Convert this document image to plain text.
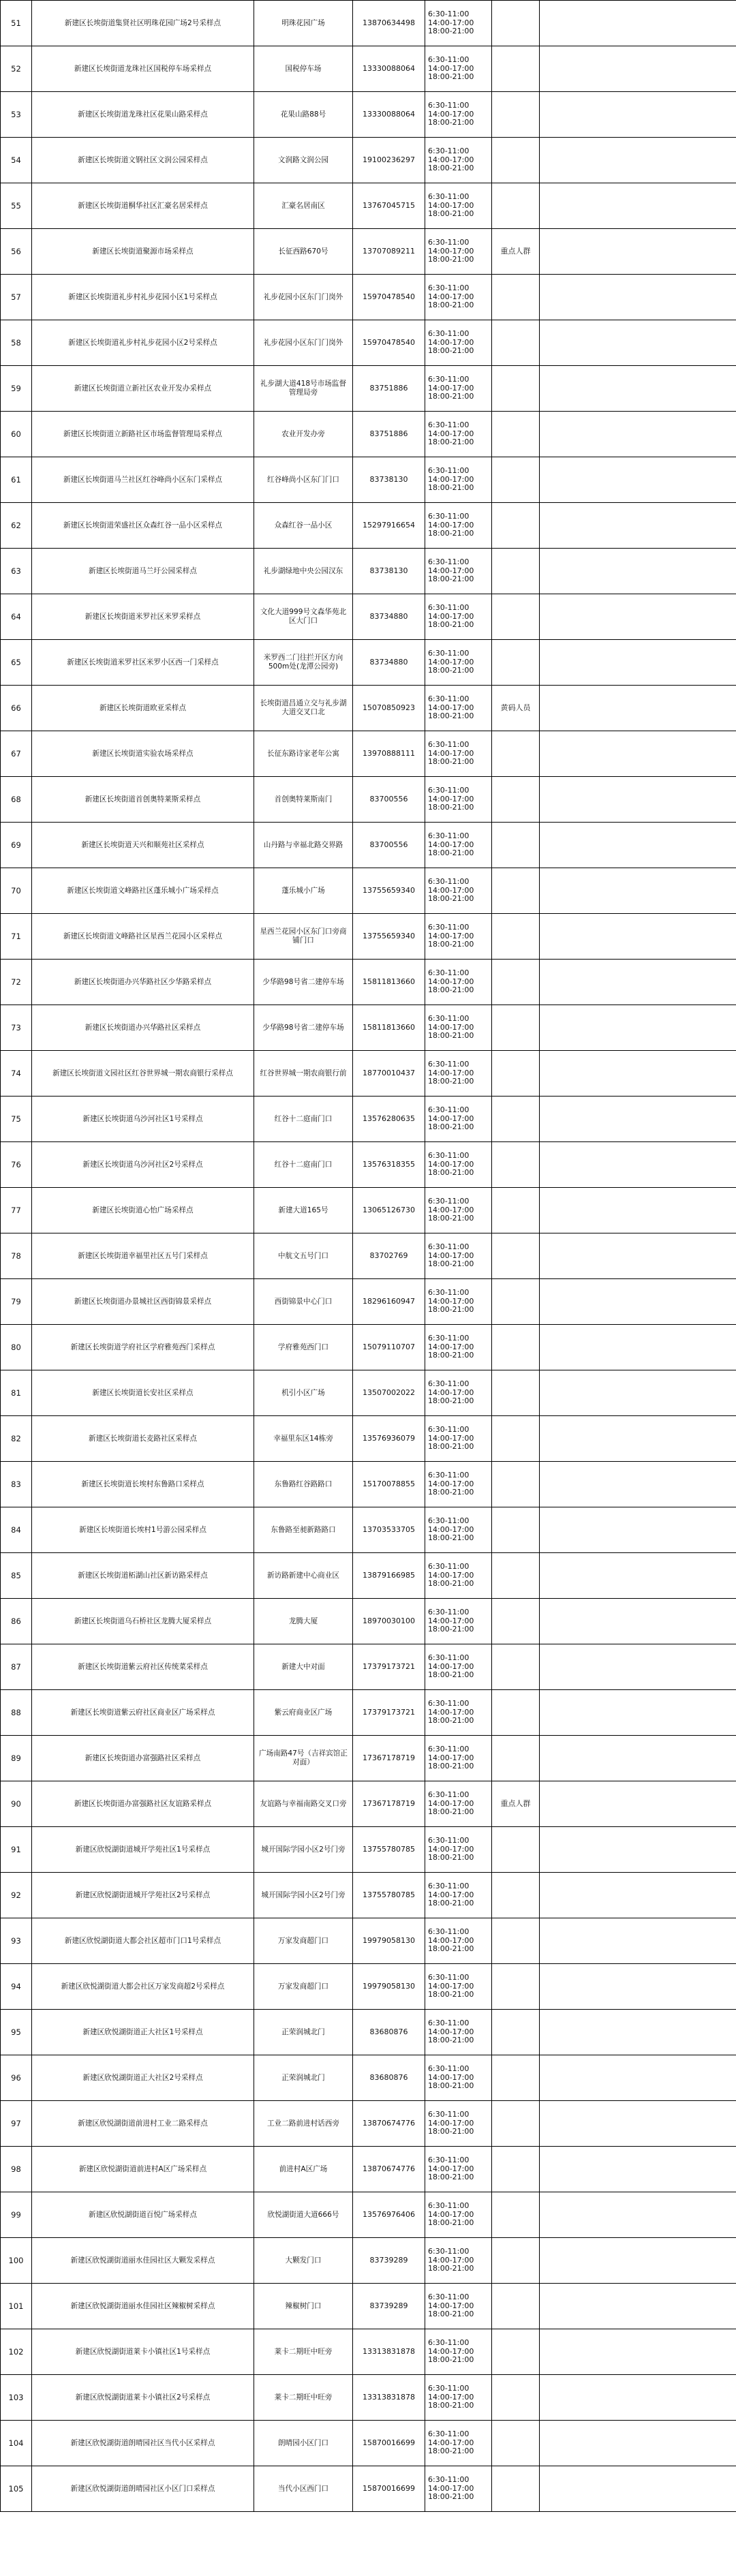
51	新建区长埃街道集贤社区明珠花园广场2号采样点	明珠花园广场	13870634498	6:30-11:00
14:00-17:00
18:00-21:00		

52	新建区长埃街道龙珠社区国税停车场采样点	国税停车场	13330088064	6:30-11:00
14:00-17:00
18:00-21:00		

53	新建区长埃街道龙珠社区花果山路采样点	花果山路88号	13330088064	6:30-11:00
14:00-17:00
18:00-21:00		

54	新建区长埃街道文钢社区文润公园采样点	文润路文润公园	19100236297	6:30-11:00
14:00-17:00
18:00-21:00		

55	新建区长埃街道桐华社区汇豪名居采样点	汇豪名居南区	13767045715	6:30-11:00
14:00-17:00
18:00-21:00		

56	新建区长埃街道聚源市场采样点	长征西路670号	13707089211	6:30-11:00
14:00-17:00
18:00-21:00	重点人群	
57	新建区长埃街道礼步村礼步花园小区1号采样点	礼步花园小区东门门岗外	15970478540	6:30-11:00
14:00-17:00
18:00-21:00		

58	新建区长埃街道礼步村礼步花园小区2号采样点	礼步花园小区东门门岗外	15970478540	6:30-11:00
14:00-17:00
18:00-21:00		

59	新建区长埃街道立新社区农业开发办采样点	礼步湖大道418号市场监督管理局旁	83751886	6:30-11:00
14:00-17:00
18:00-21:00		

60	新建区长埃街道立新路社区市场监督管理局采样点	农业开发办旁	83751886	6:30-11:00
14:00-17:00
18:00-21:00		

61	新建区长埃街道马兰社区红谷峰尚小区东门采样点	红谷峰尚小区东门门口	83738130	6:30-11:00
14:00-17:00
18:00-21:00		

62	新建区长埃街道荣盛社区众森红谷一品小区采样点	众森红谷一品小区	15297916654	6:30-11:00
14:00-17:00
18:00-21:00		

63	新建区长埃街道马兰圩公园采样点	礼步湖绿地中央公园汉东	83738130	6:30-11:00
14:00-17:00
18:00-21:00		

64	新建区长埃街道米罗社区米罗采样点	文化大道999号文森华苑北区大门口	83734880	6:30-11:00
14:00-17:00
18:00-21:00		

65	新建区长埃街道米罗社区米罗小区西一门采样点	米罗西二门往拦开区方向500m处(龙潭公园旁)	83734880	6:30-11:00
14:00-17:00
18:00-21:00		

66	新建区长埃街道欧亚采样点	长埃街道昌通立交与礼步湖大道交叉口北	15070850923	6:30-11:00
14:00-17:00
18:00-21:00	黄码人员	
67	新建区长埃街道实验农场采样点	长征东路诗家老年公寓	13970888111	6:30-11:00
14:00-17:00
18:00-21:00		

68	新建区长埃街道首创奥特莱斯采样点	首创奥特莱斯南门	83700556	6:30-11:00
14:00-17:00
18:00-21:00		

69	新建区长埃街道天兴和顺苑社区采样点	山丹路与幸福北路交界路	83700556	6:30-11:00
14:00-17:00
18:00-21:00		

70	新建区长埃街道文峰路社区蓬乐城小广场采样点	蓬乐城小广场	13755659340	6:30-11:00
14:00-17:00
18:00-21:00		

71	新建区长埃街道文峰路社区星西兰花园小区采样点	星西兰花园小区东门口旁商铺门口	13755659340	6:30-11:00
14:00-17:00
18:00-21:00		

72	新建区长埃街道办兴华路社区少华路采样点	少华路98号省二建停车场	15811813660	6:30-11:00
14:00-17:00
18:00-21:00		

73	新建区长埃街道办兴华路社区采样点	少华路98号省二建停车场	15811813660	6:30-11:00
14:00-17:00
18:00-21:00		

74	新建区长埃街道文园社区红谷世界城一期农商银行采样点	红谷世界城一期农商银行前	18770010437	6:30-11:00
14:00-17:00
18:00-21:00		

75	新建区长埃街道乌沙河社区1号采样点	红谷十二庭南门口	13576280635	6:30-11:00
14:00-17:00
18:00-21:00		

76	新建区长埃街道乌沙河社区2号采样点	红谷十二庭南门口	13576318355	6:30-11:00
14:00-17:00
18:00-21:00		

77	新建区长埃街道心怡广场采样点	新建大道165号	13065126730	6:30-11:00
14:00-17:00
18:00-21:00		

78	新建区长埃街道幸福里社区五号门采样点	中航文五号门口	83702769	6:30-11:00
14:00-17:00
18:00-21:00		

79	新建区长埃街道办景城社区西街锦景采样点	西街锦景中心门口	18296160947	6:30-11:00
14:00-17:00
18:00-21:00		

80	新建区长埃街道学府社区学府雅苑西门采样点	学府雅苑西门口	15079110707	6:30-11:00
14:00-17:00
18:00-21:00		

81	新建区长埃街道长安社区采样点	机引小区广场	13507002022	6:30-11:00
14:00-17:00
18:00-21:00		

82	新建区长埃街道长麦路社区采样点	幸福里东区14栋旁	13576936079	6:30-11:00
14:00-17:00
18:00-21:00		

83	新建区长埃街道长埃村东鲁路口采样点	东鲁路红谷路路口	15170078855	6:30-11:00
14:00-17:00
18:00-21:00		

84	新建区长埃街道长埃村1号游公园采样点	东鲁路至昶新路路口	13703533705	6:30-11:00
14:00-17:00
18:00-21:00		

85	新建区长埃街道柘湖山社区新访路采样点	新访路新建中心商业区	13879166985	6:30-11:00
14:00-17:00
18:00-21:00		

86	新建区长埃街道乌石桥社区龙腾大厦采样点	龙腾大厦	18970030100	6:30-11:00
14:00-17:00
18:00-21:00		

87	新建区长埃街道紫云府社区传统菜采样点	新建大中对面	17379173721	6:30-11:00
14:00-17:00
18:00-21:00		

88	新建区长埃街道紫云府社区商业区广场采样点	紫云府商业区广场	17379173721	6:30-11:00
14:00-17:00
18:00-21:00		

89	新建区长埃街道办富强路社区采样点	广场南路47号（吉祥宾馆正对面）	17367178719	6:30-11:00
14:00-17:00
18:00-21:00		

90	新建区长埃街道办富强路社区友谊路采样点	友谊路与幸福南路交叉口旁	17367178719	6:30-11:00
14:00-17:00
18:00-21:00	重点人群	
91	新建区欣悦湖街道城开学苑社区1号采样点	城开国际学园小区2号门旁	13755780785	6:30-11:00
14:00-17:00
18:00-21:00		

92	新建区欣悦湖街道城开学苑社区2号采样点	城开国际学园小区2号门旁	13755780785	6:30-11:00
14:00-17:00
18:00-21:00		

93	新建区欣悦湖街道大都会社区超市门口1号采样点	万家发商超门口	19979058130	6:30-11:00
14:00-17:00
18:00-21:00		

94	新建区欣悦湖街道大都会社区万家发商超2号采样点	万家发商超门口	19979058130	6:30-11:00
14:00-17:00
18:00-21:00		

95	新建区欣悦湖街道正大社区1号采样点	正荣润城北门	83680876	6:30-11:00
14:00-17:00
18:00-21:00		

96	新建区欣悦湖街道正大社区2号采样点	正荣润城北门	83680876	6:30-11:00
14:00-17:00
18:00-21:00		

97	新建区欣悦湖街道前进村工业二路采样点	工业二路前进村话西旁	13870674776	6:30-11:00
14:00-17:00
18:00-21:00		

98	新建区欣悦湖街道前进村A区广场采样点	前进村A区广场	13870674776	6:30-11:00
14:00-17:00
18:00-21:00		

99	新建区欣悦湖街道百悦广场采样点	欣悦湖街道大道666号	13576976406	6:30-11:00
14:00-17:00
18:00-21:00		

100	新建区欣悦湖街道丽水佳园社区大颗发采样点	大颗发门口	83739289	6:30-11:00
14:00-17:00
18:00-21:00		

101	新建区欣悦湖街道丽水佳园社区辣椒树采样点	辣椒树门口	83739289	6:30-11:00
14:00-17:00
18:00-21:00		

102	新建区欣悦湖街道莱卡小镇社区1号采样点	莱卡二期旺中旺旁	13313831878	6:30-11:00
14:00-17:00
18:00-21:00		

103	新建区欣悦湖街道莱卡小镇社区2号采样点	莱卡二期旺中旺旁	13313831878	6:30-11:00
14:00-17:00
18:00-21:00		

104	新建区欣悦湖街道朗晴园社区当代小区采样点	朗晴园小区门口	15870016699	6:30-11:00
14:00-17:00
18:00-21:00		

105	新建区欣悦湖街道朗晴园社区小区门口采样点	当代小区西门口	15870016699	6:30-11:00
14:00-17:00
18:00-21:00		
